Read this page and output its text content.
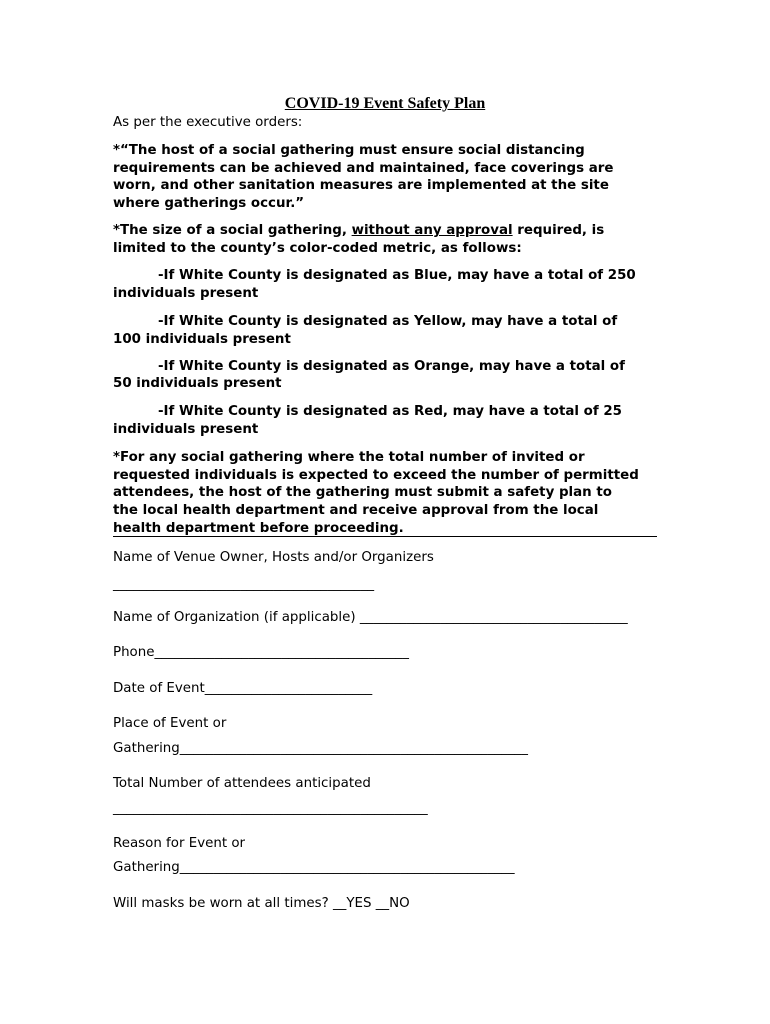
COVID-19 Event Safety Plan
As per the executive orders:
*“The host of a social gathering must ensure social distancing
requirements can be achieved and maintained, face coverings are
worn, and other sanitation measures are implemented at the site
where gatherings occur.”
*The size of a social gathering, without any approval required, is
limited to the county’s color-coded metric, as follows:
-If White County is designated as Blue, may have a total of 250
individuals present
-If White County is designated as Yellow, may have a total of
100 individuals present
-If White County is designated as Orange, may have a total of
50 individuals present
-If White County is designated as Red, may have a total of 25
individuals present
*For any social gathering where the total number of invited or
requested individuals is expected to exceed the number of permitted
attendees, the host of the gathering must submit a safety plan to
the local health department and receive approval from the local
health department before proceeding.
Name of Venue Owner, Hosts and/or Organizers
_______________________________________
Name of Organization (if applicable) ________________________________________
Phone______________________________________
Date of Event_________________________
Place of Event or
Gathering____________________________________________________
Total Number of attendees anticipated
_______________________________________________
Reason for Event or
Gathering__________________________________________________
Will masks be worn at all times? __YES __NO
